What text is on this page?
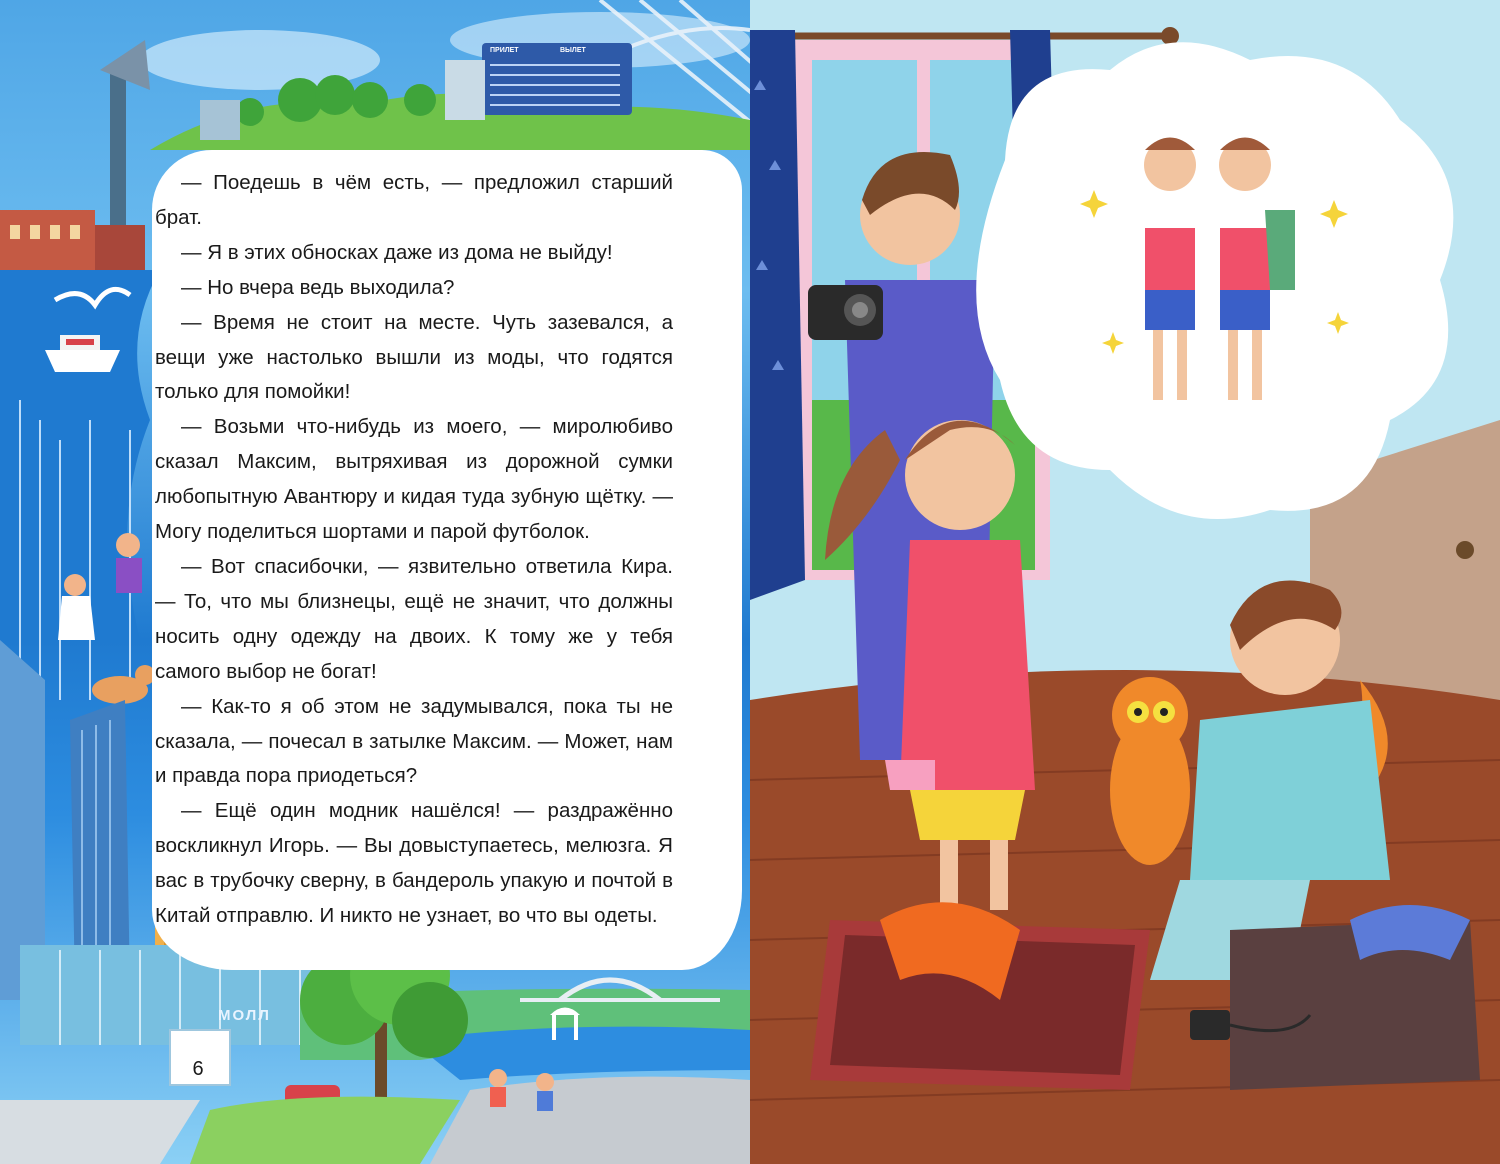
— Поедешь в чём есть, — предложил старший брат.

— Я в этих обносках даже из дома не выйду!

— Но вчера ведь выходила?

— Время не стоит на месте. Чуть зазевался, а вещи уже настолько вышли из моды, что годятся только для помойки!

— Возьми что-нибудь из моего, — миролюбиво сказал Максим, вытряхивая из дорожной сумки любопытную Авантюру и кидая туда зубную щётку. — Могу поделиться шортами и парой футболок.

— Вот спасибочки, — язвительно ответила Кира. — То, что мы близнецы, ещё не значит, что должны носить одну одежду на двоих. К тому же у тебя самого выбор не богат!

— Как-то я об этом не задумывался, пока ты не сказала, — почесал в затылке Максим. — Может, нам и правда пора приодеться?

— Ещё один модник нашёлся! — раздражённо воскликнул Игорь. — Вы довыступаетесь, мелюзга. Я вас в трубочку сверну, в бандероль упакую и почтой в Китай отправлю. И никто не узнает, во что вы одеты.

МОЛЛ
ПРИЛЕТ	ВЫЛЕТ
6
